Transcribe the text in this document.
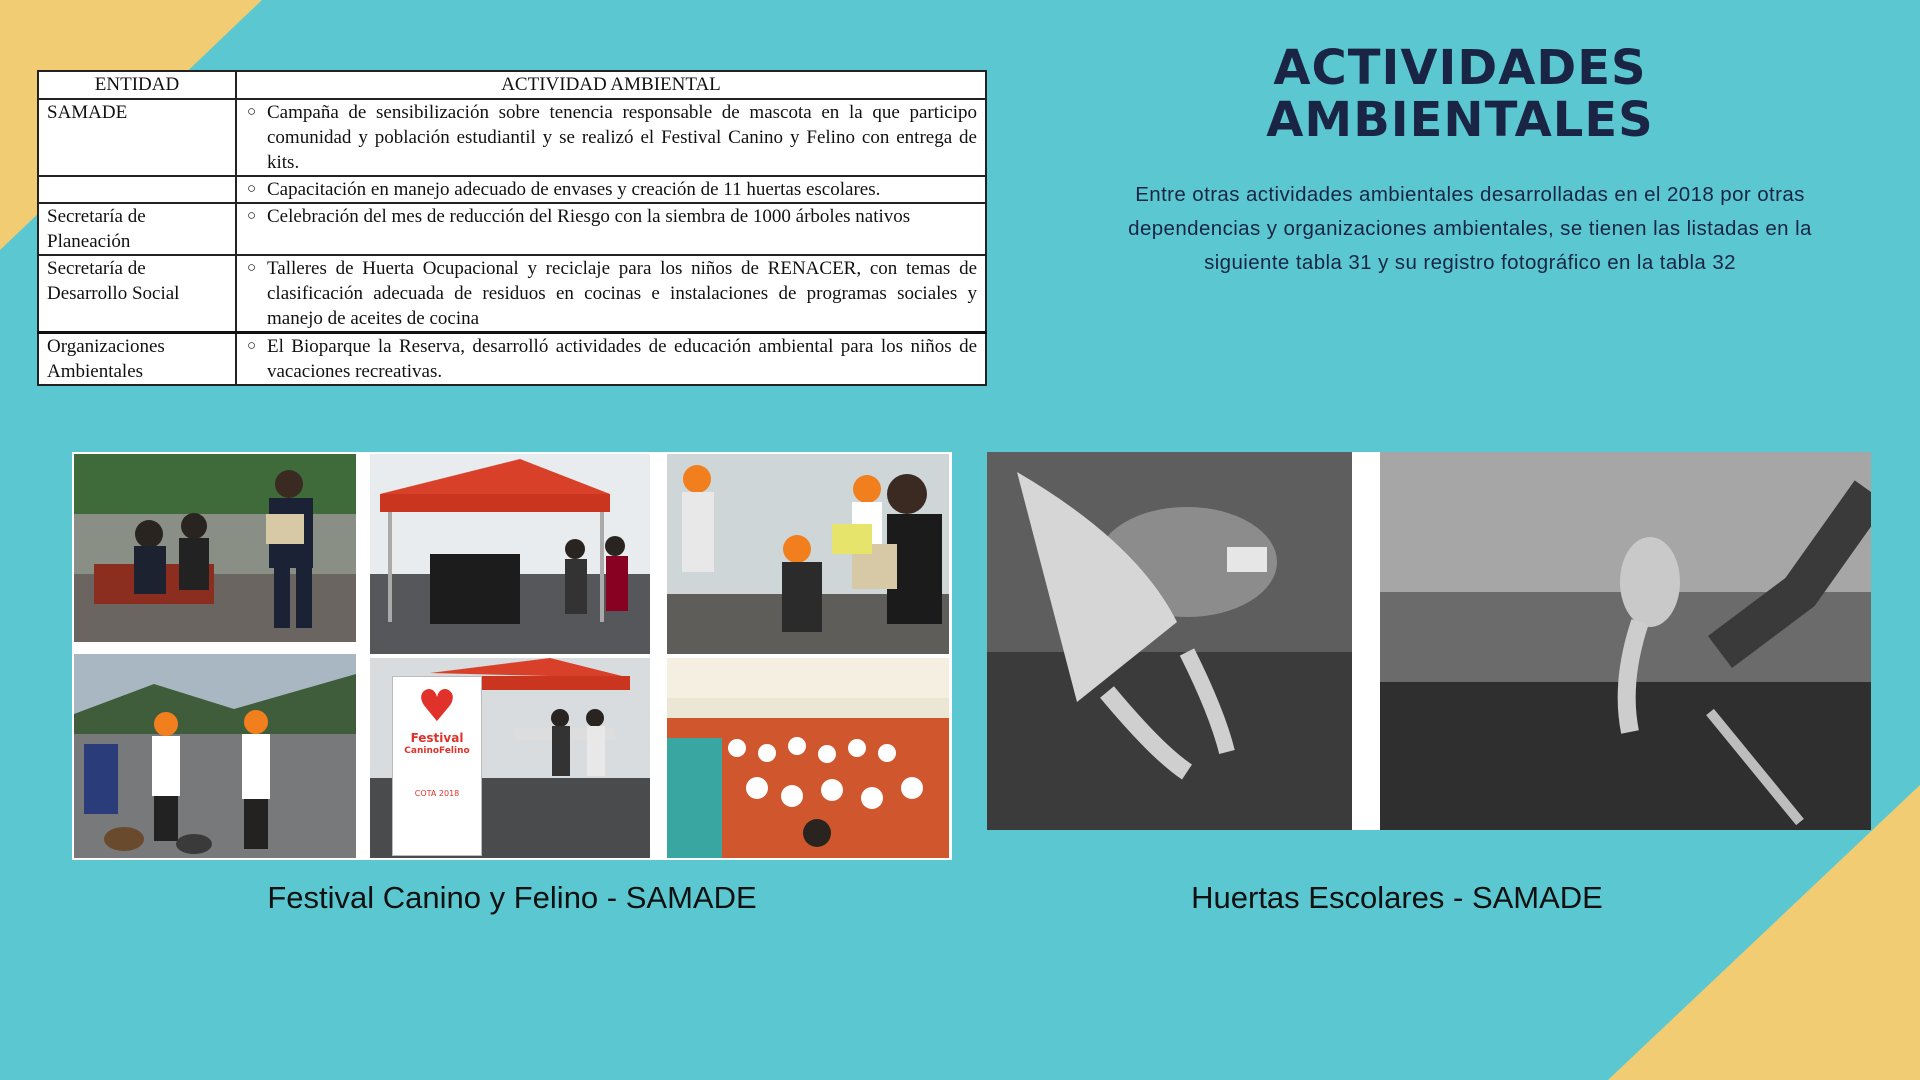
ENTIDAD	ACTIVIDAD AMBIENTAL
SAMADE	○ Campaña de sensibilización sobre tenencia responsable de mascota en la que participo comunidad y población estudiantil y se realizó el Festival Canino y Felino con entrega de kits.
	○ Capacitación en manejo adecuado de envases y creación de 11 huertas escolares.
Secretaría de Planeación	○ Celebración del mes de reducción del Riesgo con la siembra de 1000 árboles nativos
Secretaría de Desarrollo Social	○ Talleres de Huerta Ocupacional y reciclaje para los niños de RENACER, con temas de clasificación adecuada de residuos en cocinas e instalaciones de programas sociales y manejo de aceites de cocina
Organizaciones Ambientales	○ El Bioparque la Reserva, desarrolló actividades de educación ambiental para los niños de vacaciones recreativas.
ACTIVIDADES
AMBIENTALES
Entre otras actividades ambientales desarrolladas en el 2018 por otras dependencias y organizaciones ambientales, se tienen las listadas en la siguiente tabla 31 y su registro fotográfico en la tabla 32
♥
Festival
CaninoFelino
COTA 2018
Festival Canino y Felino - SAMADE	Huertas Escolares - SAMADE
